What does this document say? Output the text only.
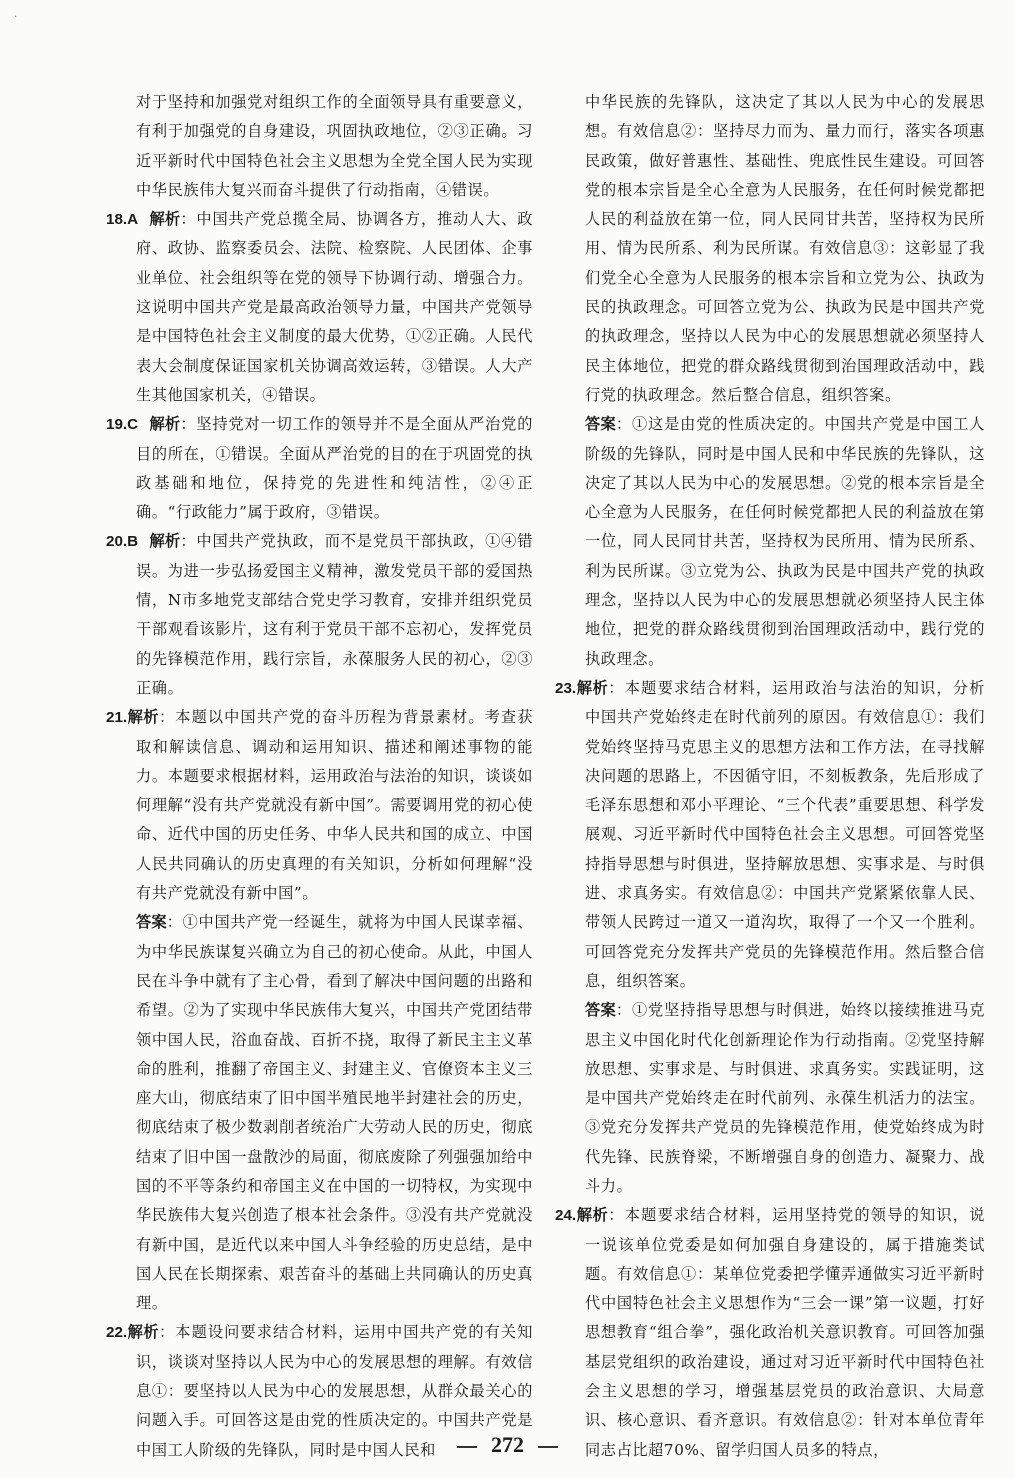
·

对于坚持和加强党对组织工作的全面领导具有重要意义，有利于加强党的自身建设，巩固执政地位，②③正确。习近平新时代中国特色社会主义思想为全党全国人民为实现中华民族伟大复兴而奋斗提供了行动指南，④错误。

18.A 解析：中国共产党总揽全局、协调各方，推动人大、政府、政协、监察委员会、法院、检察院、人民团体、企事业单位、社会组织等在党的领导下协调行动、增强合力。这说明中国共产党是最高政治领导力量，中国共产党领导是中国特色社会主义制度的最大优势，①②正确。人民代表大会制度保证国家机关协调高效运转，③错误。人大产生其他国家机关，④错误。

19.C 解析：坚持党对一切工作的领导并不是全面从严治党的目的所在，①错误。全面从严治党的目的在于巩固党的执政基础和地位，保持党的先进性和纯洁性，②④正确。“行政能力”属于政府，③错误。

20.B 解析：中国共产党执政，而不是党员干部执政，①④错误。为进一步弘扬爱国主义精神，激发党员干部的爱国热情，N市多地党支部结合党史学习教育，安排并组织党员干部观看该影片，这有利于党员干部不忘初心，发挥党员的先锋模范作用，践行宗旨，永葆服务人民的初心，②③正确。

21.解析：本题以中国共产党的奋斗历程为背景素材。考查获取和解读信息、调动和运用知识、描述和阐述事物的能力。本题要求根据材料，运用政治与法治的知识，谈谈如何理解“没有共产党就没有新中国”。需要调用党的初心使命、近代中国的历史任务、中华人民共和国的成立、中国人民共同确认的历史真理的有关知识，分析如何理解“没有共产党就没有新中国”。

答案：①中国共产党一经诞生，就将为中国人民谋幸福、为中华民族谋复兴确立为自己的初心使命。从此，中国人民在斗争中就有了主心骨，看到了解决中国问题的出路和希望。②为了实现中华民族伟大复兴，中国共产党团结带领中国人民，浴血奋战、百折不挠，取得了新民主主义革命的胜利，推翻了帝国主义、封建主义、官僚资本主义三座大山，彻底结束了旧中国半殖民地半封建社会的历史，彻底结束了极少数剥削者统治广大劳动人民的历史，彻底结束了旧中国一盘散沙的局面，彻底废除了列强强加给中国的不平等条约和帝国主义在中国的一切特权，为实现中华民族伟大复兴创造了根本社会条件。③没有共产党就没有新中国，是近代以来中国人斗争经验的历史总结，是中国人民在长期探索、艰苦奋斗的基础上共同确认的历史真理。

22.解析：本题设问要求结合材料，运用中国共产党的有关知识，谈谈对坚持以人民为中心的发展思想的理解。有效信息①：要坚持以人民为中心的发展思想，从群众最关心的问题入手。可回答这是由党的性质决定的。中国共产党是中国工人阶级的先锋队，同时是中国人民和

中华民族的先锋队，这决定了其以人民为中心的发展思想。有效信息②：坚持尽力而为、量力而行，落实各项惠民政策，做好普惠性、基础性、兜底性民生建设。可回答党的根本宗旨是全心全意为人民服务，在任何时候党都把人民的利益放在第一位，同人民同甘共苦，坚持权为民所用、情为民所系、利为民所谋。有效信息③：这彰显了我们党全心全意为人民服务的根本宗旨和立党为公、执政为民的执政理念。可回答立党为公、执政为民是中国共产党的执政理念，坚持以人民为中心的发展思想就必须坚持人民主体地位，把党的群众路线贯彻到治国理政活动中，践行党的执政理念。然后整合信息，组织答案。

答案：①这是由党的性质决定的。中国共产党是中国工人阶级的先锋队，同时是中国人民和中华民族的先锋队，这决定了其以人民为中心的发展思想。②党的根本宗旨是全心全意为人民服务，在任何时候党都把人民的利益放在第一位，同人民同甘共苦，坚持权为民所用、情为民所系、利为民所谋。③立党为公、执政为民是中国共产党的执政理念，坚持以人民为中心的发展思想就必须坚持人民主体地位，把党的群众路线贯彻到治国理政活动中，践行党的执政理念。

23.解析：本题要求结合材料，运用政治与法治的知识，分析中国共产党始终走在时代前列的原因。有效信息①：我们党始终坚持马克思主义的思想方法和工作方法，在寻找解决问题的思路上，不因循守旧，不刻板教条，先后形成了毛泽东思想和邓小平理论、“三个代表”重要思想、科学发展观、习近平新时代中国特色社会主义思想。可回答党坚持指导思想与时俱进，坚持解放思想、实事求是、与时俱进、求真务实。有效信息②：中国共产党紧紧依靠人民、带领人民跨过一道又一道沟坎，取得了一个又一个胜利。可回答党充分发挥共产党员的先锋模范作用。然后整合信息，组织答案。

答案：①党坚持指导思想与时俱进，始终以接续推进马克思主义中国化时代化创新理论作为行动指南。②党坚持解放思想、实事求是、与时俱进、求真务实。实践证明，这是中国共产党始终走在时代前列、永葆生机活力的法宝。③党充分发挥共产党员的先锋模范作用，使党始终成为时代先锋、民族脊梁，不断增强自身的创造力、凝聚力、战斗力。

24.解析：本题要求结合材料，运用坚持党的领导的知识，说一说该单位党委是如何加强自身建设的，属于措施类试题。有效信息①：某单位党委把学懂弄通做实习近平新时代中国特色社会主义思想作为“三会一课”第一议题，打好思想教育“组合拳”，强化政治机关意识教育。可回答加强基层党组织的政治建设，通过对习近平新时代中国特色社会主义思想的学习，增强基层党员的政治意识、大局意识、核心意识、看齐意识。有效信息②：针对本单位青年同志占比超70%、留学归国人员多的特点，

272
